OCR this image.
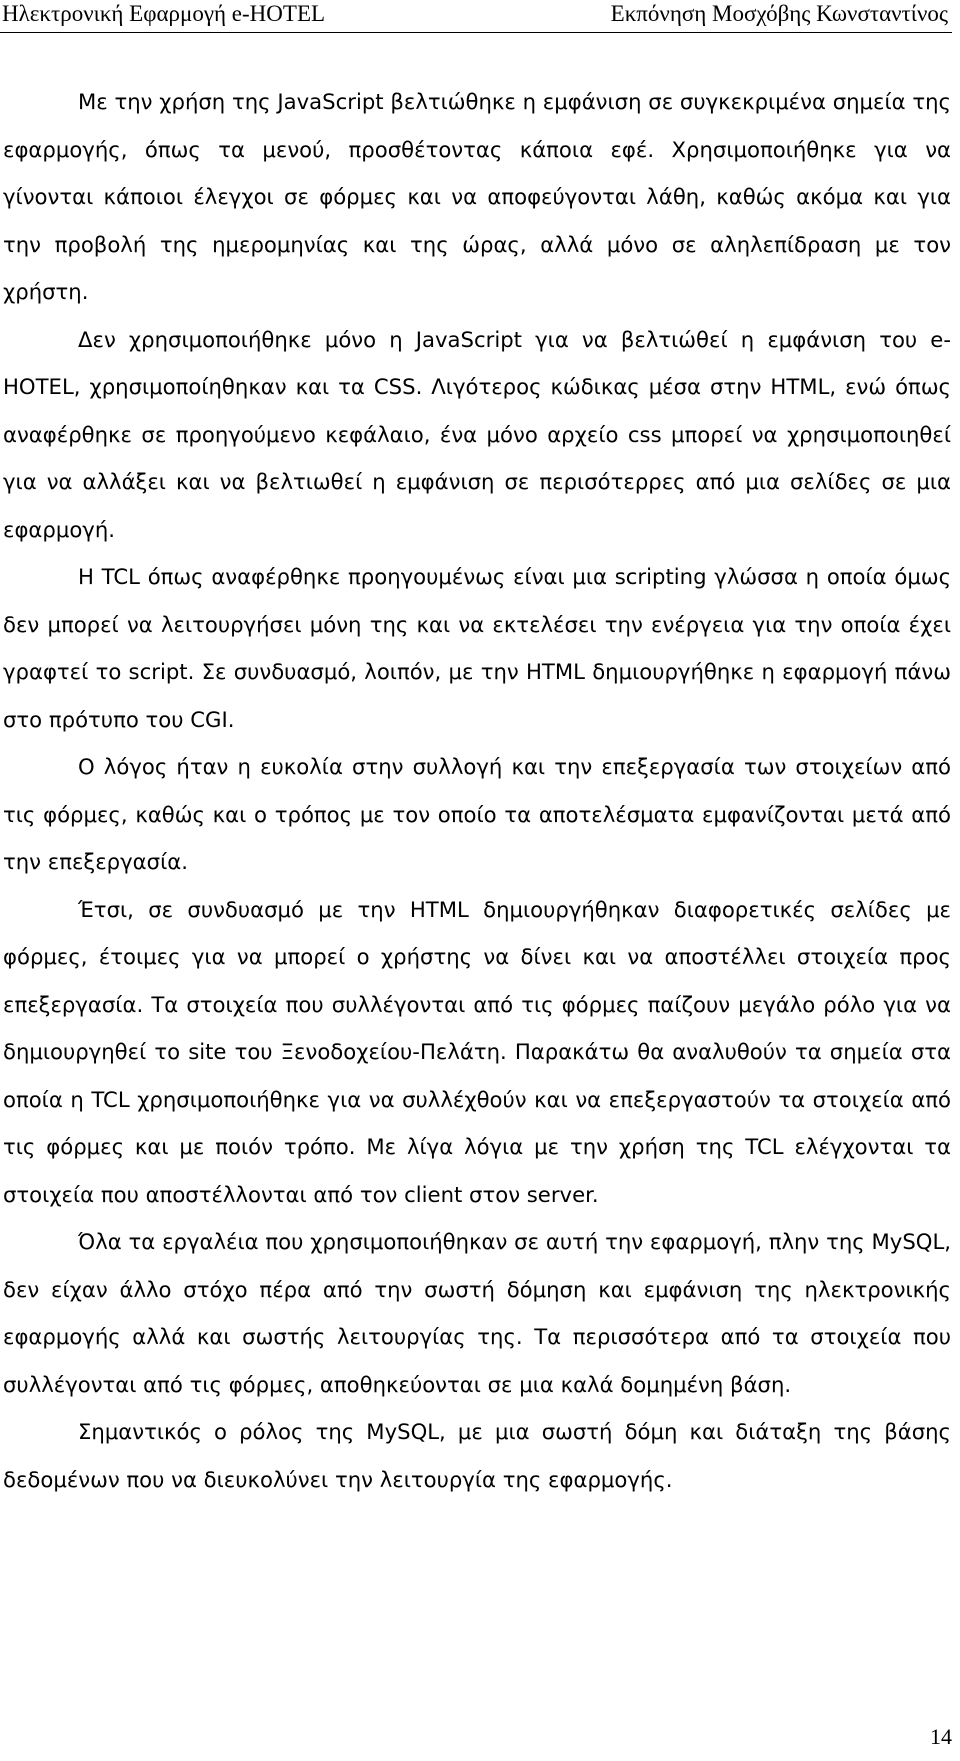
Ηλεκτρονική Εφαρμογή e-HOTEL	Εκπόνηση Μοσχόβης Κωνσταντίνος

Με την χρήση της JavaScript βελτιώθηκε η εμφάνιση σε συγκεκριμένα σημεία της εφαρμογής, όπως τα μενού, προσθέτοντας κάποια εφέ. Χρησιμοποιήθηκε για να γίνονται κάποιοι έλεγχοι σε φόρμες και να αποφεύγονται λάθη, καθώς ακόμα και για την προβολή της ημερομηνίας και της ώρας, αλλά μόνο σε αληλεπίδραση με τον χρήστη.

Δεν χρησιμοποιήθηκε μόνο η JavaScript για να βελτιώθεί η εμφάνιση του e-HOTEL, χρησιμοποίηθηκαν και τα CSS. Λιγότερος κώδικας μέσα στην HTML, ενώ όπως αναφέρθηκε σε προηγούμενο κεφάλαιο, ένα μόνο αρχείο css μπορεί να χρησιμοποιηθεί για να αλλάξει και να βελτιωθεί η εμφάνιση σε περισότερρες από μια σελίδες σε μια εφαρμογή.

Η TCL όπως αναφέρθηκε προηγουμένως είναι μια scripting γλώσσα η οποία όμως δεν μπορεί να λειτουργήσει μόνη της και να εκτελέσει την ενέργεια για την οποία έχει γραφτεί το script. Σε συνδυασμό, λοιπόν, με την HTML δημιουργήθηκε η εφαρμογή πάνω στο πρότυπο του CGI.

Ο λόγος ήταν η ευκολία στην συλλογή και την επεξεργασία των στοιχείων από τις φόρμες, καθώς και ο τρόπος με τον οποίο τα αποτελέσματα εμφανίζονται μετά από την επεξεργασία.

Έτσι, σε συνδυασμό με την HTML δημιουργήθηκαν διαφορετικές σελίδες με φόρμες, έτοιμες για να μπορεί ο χρήστης να δίνει και να αποστέλλει στοιχεία προς επεξεργασία. Τα στοιχεία που συλλέγονται από τις φόρμες παίζουν μεγάλο ρόλο για να δημιουργηθεί το site του Ξενοδοχείου-Πελάτη. Παρακάτω θα αναλυθούν τα σημεία στα οποία η TCL χρησιμοποιήθηκε για να συλλέχθούν και να επεξεργαστούν τα στοιχεία από τις φόρμες και με ποιόν τρόπο. Με λίγα λόγια με την χρήση της TCL ελέγχονται τα στοιχεία που αποστέλλονται από τον client στον server.

Όλα τα εργαλέια που χρησιμοποιήθηκαν σε αυτή την εφαρμογή, πλην της MySQL, δεν είχαν άλλο στόχο πέρα από την σωστή δόμηση και εμφάνιση της ηλεκτρονικής εφαρμογής αλλά και σωστής λειτουργίας της. Τα περισσότερα από τα στοιχεία που συλλέγονται από τις φόρμες, αποθηκεύονται σε μια καλά δομημένη βάση.

Σημαντικός ο ρόλος της MySQL, με μια σωστή δόμη και διάταξη της βάσης δεδομένων που να διευκολύνει την λειτουργία της εφαρμογής.

14
